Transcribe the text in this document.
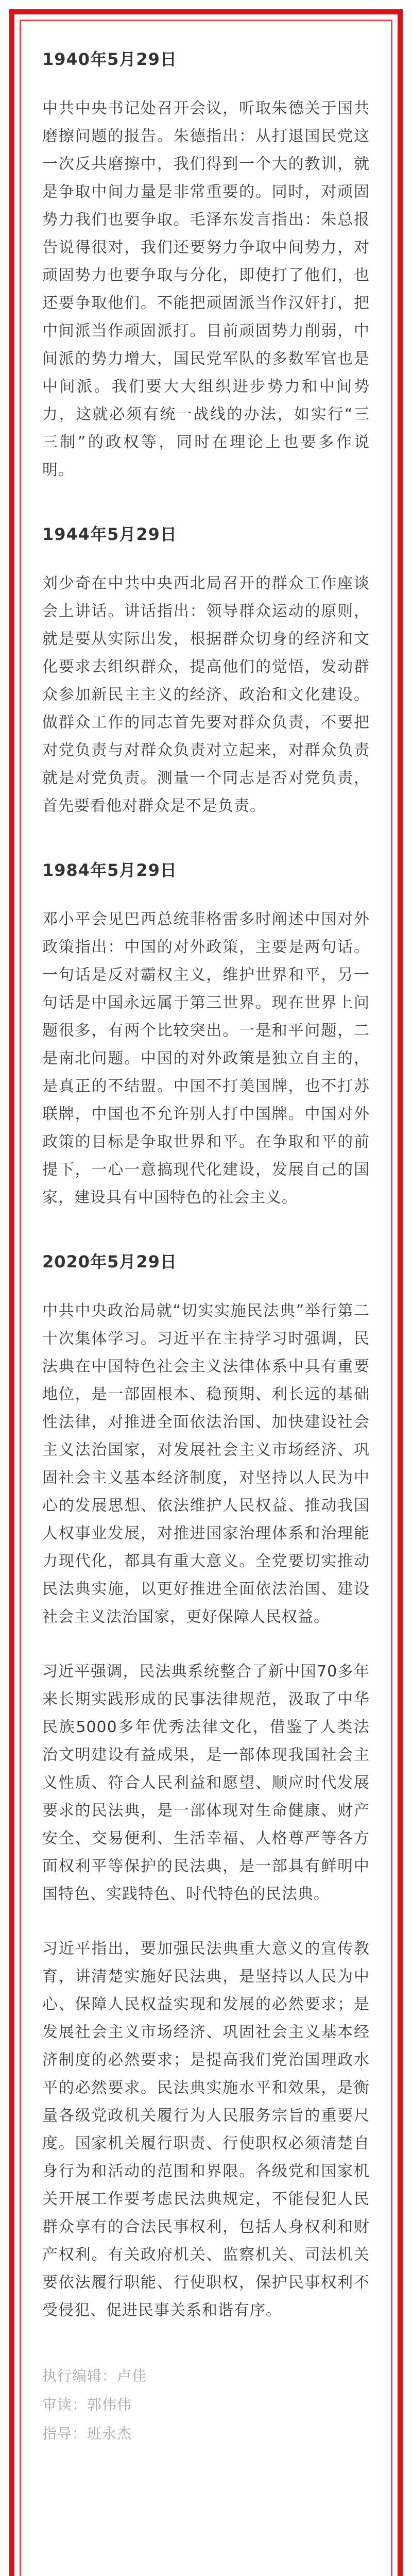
1940年5月29日

中共中央书记处召开会议，听取朱德关于国共磨擦问题的报告。朱德指出：从打退国民党这一次反共磨擦中，我们得到一个大的教训，就是争取中间力量是非常重要的。同时，对顽固势力我们也要争取。毛泽东发言指出：朱总报告说得很对，我们还要努力争取中间势力，对顽固势力也要争取与分化，即使打了他们，也还要争取他们。不能把顽固派当作汉奸打，把中间派当作顽固派打。目前顽固势力削弱，中间派的势力增大，国民党军队的多数军官也是中间派。我们要大大组织进步势力和中间势力，这就必须有统一战线的办法，如实行“三三制”的政权等，同时在理论上也要多作说明。

1944年5月29日

刘少奇在中共中央西北局召开的群众工作座谈会上讲话。讲话指出：领导群众运动的原则，就是要从实际出发，根据群众切身的经济和文化要求去组织群众，提高他们的觉悟，发动群众参加新民主主义的经济、政治和文化建设。做群众工作的同志首先要对群众负责，不要把对党负责与对群众负责对立起来，对群众负责就是对党负责。测量一个同志是否对党负责，首先要看他对群众是不是负责。

1984年5月29日

邓小平会见巴西总统菲格雷多时阐述中国对外政策指出：中国的对外政策，主要是两句话。一句话是反对霸权主义，维护世界和平，另一句话是中国永远属于第三世界。现在世界上问题很多，有两个比较突出。一是和平问题，二是南北问题。中国的对外政策是独立自主的，是真正的不结盟。中国不打美国牌，也不打苏联牌，中国也不允许别人打中国牌。中国对外政策的目标是争取世界和平。在争取和平的前提下，一心一意搞现代化建设，发展自己的国家，建设具有中国特色的社会主义。

2020年5月29日

中共中央政治局就“切实实施民法典”举行第二十次集体学习。习近平在主持学习时强调，民法典在中国特色社会主义法律体系中具有重要地位，是一部固根本、稳预期、利长远的基础性法律，对推进全面依法治国、加快建设社会主义法治国家，对发展社会主义市场经济、巩固社会主义基本经济制度，对坚持以人民为中心的发展思想、依法维护人民权益、推动我国人权事业发展，对推进国家治理体系和治理能力现代化，都具有重大意义。全党要切实推动民法典实施，以更好推进全面依法治国、建设社会主义法治国家，更好保障人民权益。

习近平强调，民法典系统整合了新中国70多年来长期实践形成的民事法律规范，汲取了中华民族5000多年优秀法律文化，借鉴了人类法治文明建设有益成果，是一部体现我国社会主义性质、符合人民利益和愿望、顺应时代发展要求的民法典，是一部体现对生命健康、财产安全、交易便利、生活幸福、人格尊严等各方面权利平等保护的民法典，是一部具有鲜明中国特色、实践特色、时代特色的民法典。

习近平指出，要加强民法典重大意义的宣传教育，讲清楚实施好民法典，是坚持以人民为中心、保障人民权益实现和发展的必然要求；是发展社会主义市场经济、巩固社会主义基本经济制度的必然要求；是提高我们党治国理政水平的必然要求。民法典实施水平和效果，是衡量各级党政机关履行为人民服务宗旨的重要尺度。国家机关履行职责、行使职权必须清楚自身行为和活动的范围和界限。各级党和国家机关开展工作要考虑民法典规定，不能侵犯人民群众享有的合法民事权利，包括人身权利和财产权利。有关政府机关、监察机关、司法机关要依法履行职能、行使职权，保护民事权利不受侵犯、促进民事关系和谐有序。

执行编辑：卢佳
审读：郭伟伟
指导：班永杰
